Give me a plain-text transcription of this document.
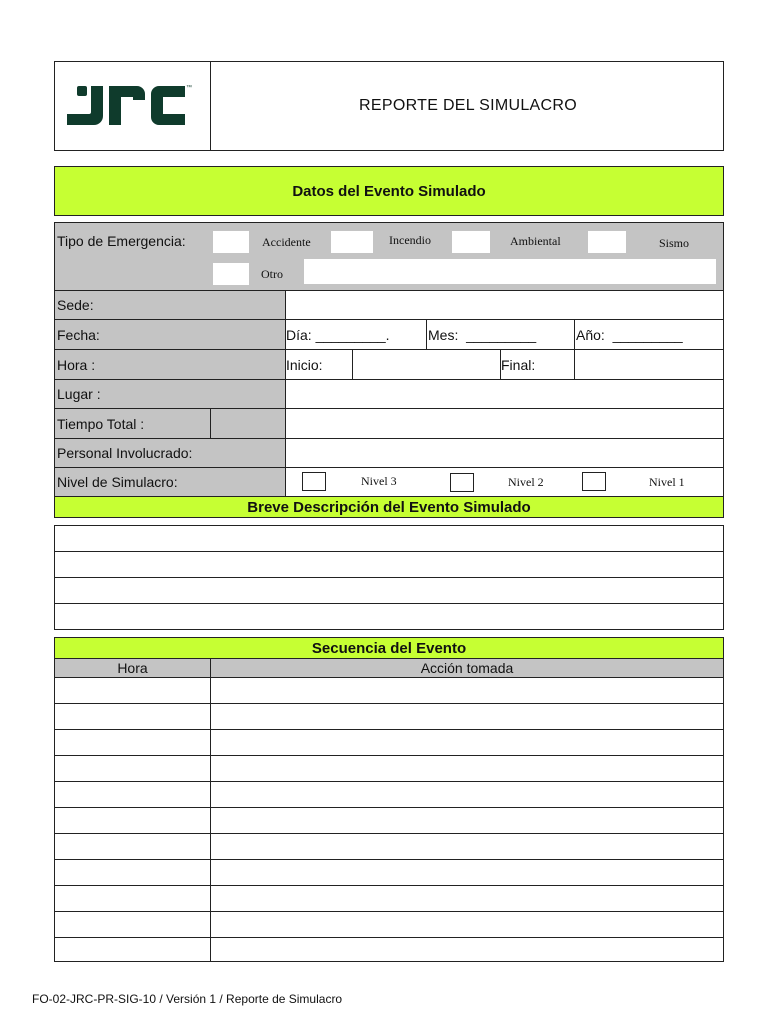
™
REPORTE DEL SIMULACRO
Datos del Evento Simulado
Tipo de Emergencia:	Accidente	Incendio	Ambiental	Sismo
Otro
Sede:
Fecha:	Día: _________.	Mes:  _________	Año:  _________
Hora :	Inicio:	Final:
Lugar :
Tiempo Total :
Personal Involucrado:
Nivel de Simulacro:	Nivel 3	Nivel 2	Nivel 1
Breve Descripción del Evento Simulado
Secuencia del Evento
Hora	Acción tomada
FO-02-JRC-PR-SIG-10 / Versión 1 / Reporte de Simulacro
